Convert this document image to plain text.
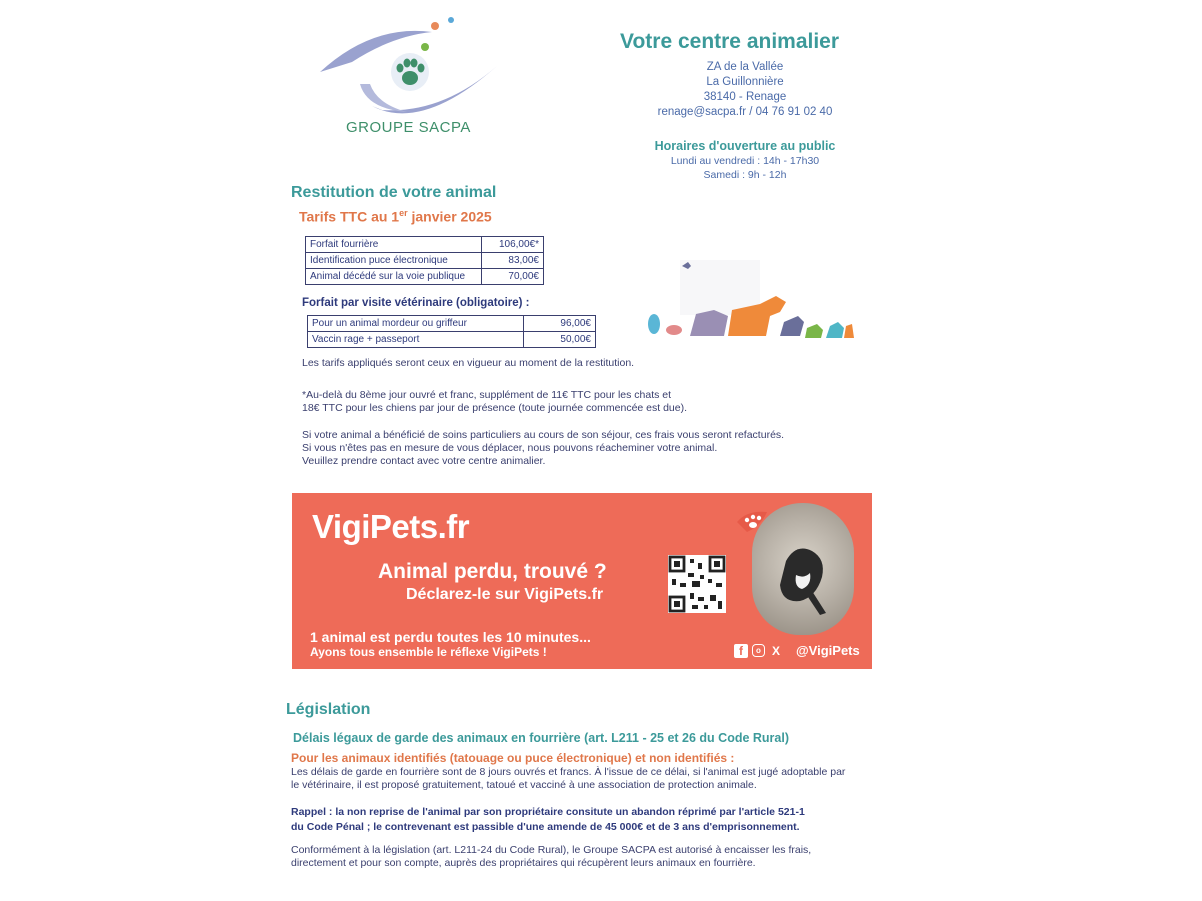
GROUPE SACPA
Votre centre animalier
ZA de la Vallée
La Guillonnière
38140 - Renage
renage@sacpa.fr / 04 76 91 02 40
Horaires d'ouverture au public
Lundi au vendredi : 14h - 17h30
Samedi : 9h - 12h
Restitution de votre animal
Tarifs TTC au 1er janvier 2025
Forfait fourrière	106,00€*
Identification puce électronique	83,00€
Animal décédé sur la voie publique	70,00€
Forfait par visite vétérinaire (obligatoire) :
Pour un animal mordeur ou griffeur	96,00€
Vaccin rage + passeport	50,00€
Les tarifs appliqués seront ceux en vigueur au moment de la restitution.
*Au-delà du 8ème jour ouvré et franc, supplément de 11€ TTC pour les chats et
18€ TTC pour les chiens par jour de présence (toute journée commencée est due).
Si votre animal a bénéficié de soins particuliers au cours de son séjour, ces frais vous seront refacturés.
Si vous n'êtes pas en mesure de vous déplacer, nous pouvons réacheminer votre animal.
Veuillez prendre contact avec votre centre animalier.
VigiPets.fr
Animal perdu, trouvé ?
Déclarez-le sur VigiPets.fr
1 animal est perdu toutes les 10 minutes...
Ayons tous ensemble le réflexe VigiPets !	f o X	@VigiPets
Législation
Délais légaux de garde des animaux en fourrière (art. L211 - 25 et 26 du Code Rural)
Pour les animaux identifiés (tatouage ou puce électronique) et non identifiés :
Les délais de garde en fourrière sont de 8 jours ouvrés et francs. À l'issue de ce délai, si l'animal est jugé adoptable par
le vétérinaire, il est proposé gratuitement, tatoué et vacciné à une association de protection animale.
Rappel : la non reprise de l'animal par son propriétaire consitute un abandon réprimé par l'article 521-1
du Code Pénal ; le contrevenant est passible d'une amende de 45 000€ et de 3 ans d'emprisonnement.
Conformément à la législation (art. L211-24 du Code Rural), le Groupe SACPA est autorisé à encaisser les frais,
directement et pour son compte, auprès des propriétaires qui récupèrent leurs animaux en fourrière.
